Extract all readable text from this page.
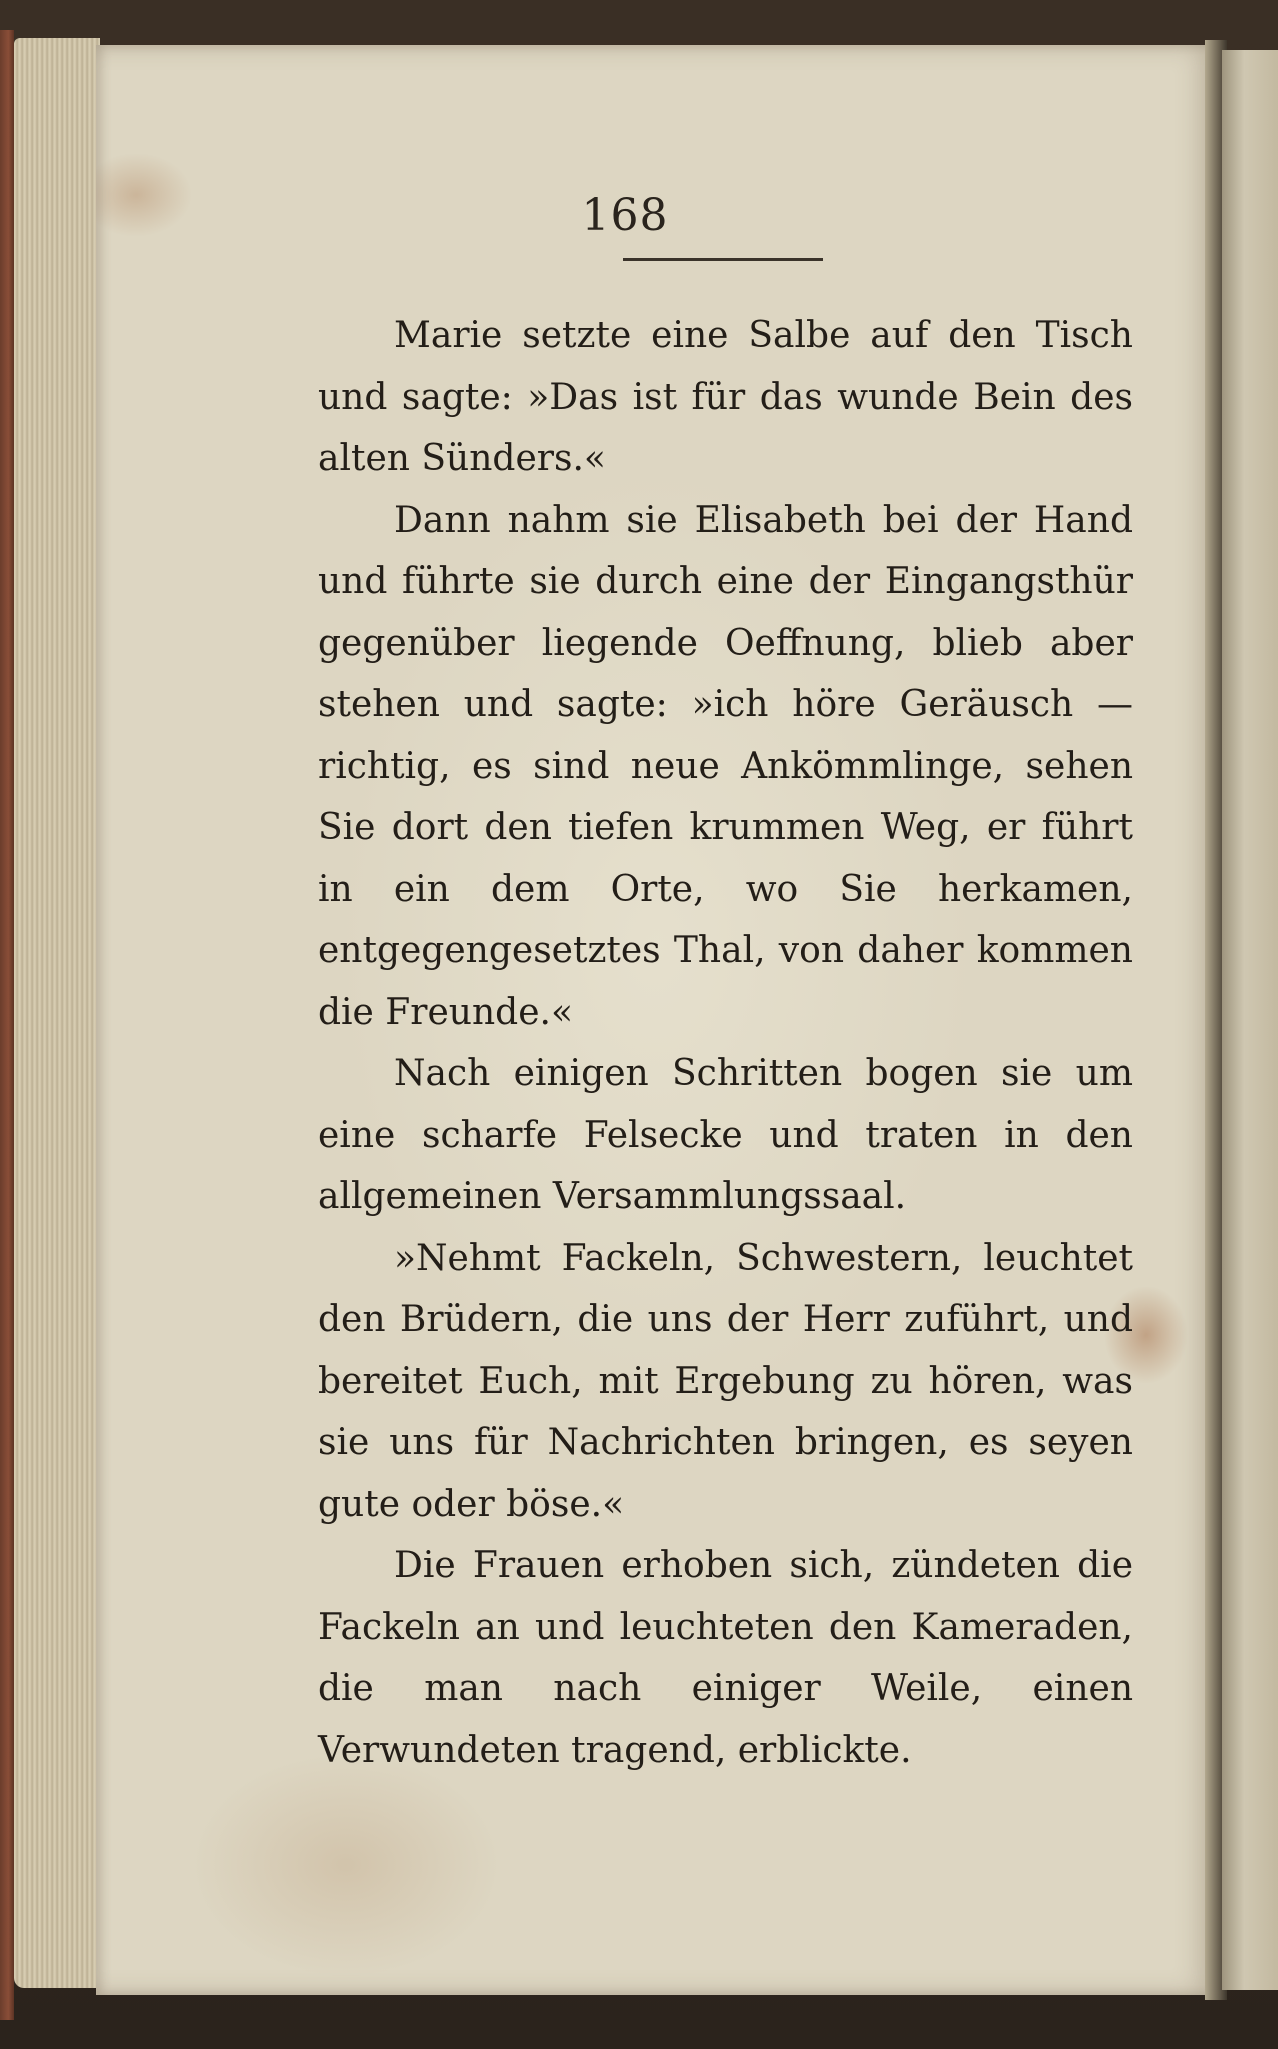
168

Marie setzte eine Salbe auf den Tisch und sagte: »Das ist für das wunde Bein des alten Sünders.«

Dann nahm sie Elisabeth bei der Hand und führte sie durch eine der Eingangsthür gegenüber liegende Oeffnung, blieb aber stehen und sagte: »ich höre Geräusch — richtig, es sind neue Ankömmlinge, sehen Sie dort den tiefen krummen Weg, er führt in ein dem Orte, wo Sie herkamen, entgegengesetztes Thal, von daher kommen die Freunde.«

Nach einigen Schritten bogen sie um eine scharfe Felsecke und traten in den allgemeinen Versammlungssaal.

»Nehmt Fackeln, Schwestern, leuchtet den Brüdern, die uns der Herr zuführt, und bereitet Euch, mit Ergebung zu hören, was sie uns für Nachrichten bringen, es seyen gute oder böse.«

Die Frauen erhoben sich, zündeten die Fackeln an und leuchteten den Kameraden, die man nach einiger Weile, einen Verwundeten tragend, erblickte.
